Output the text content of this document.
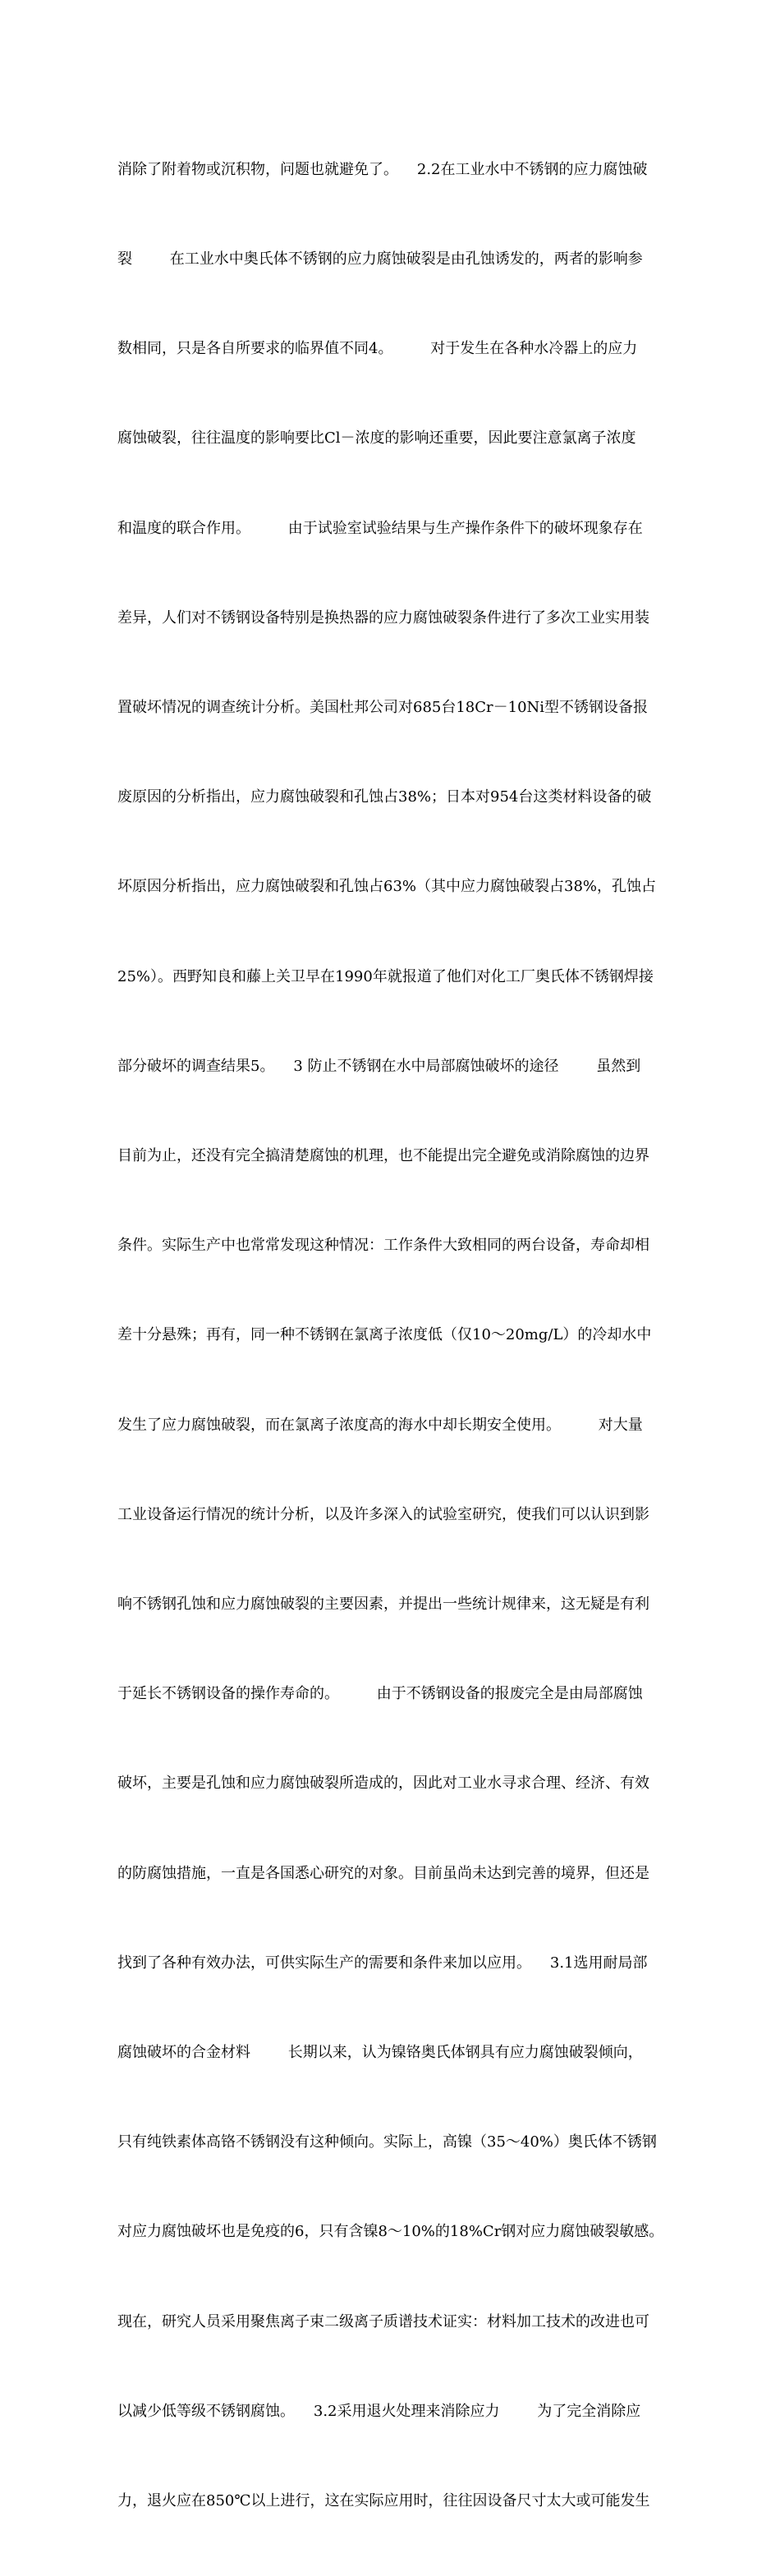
消除了附着物或沉积物，问题也就避免了。    2.2在工业水中不锈钢的应力腐蚀破

裂        在工业水中奥氏体不锈钢的应力腐蚀破裂是由孔蚀诱发的，两者的影响参

数相同，只是各自所要求的临界值不同4。        对于发生在各种水冷器上的应力

腐蚀破裂，往往温度的影响要比Cl－浓度的影响还重要，因此要注意氯离子浓度

和温度的联合作用。        由于试验室试验结果与生产操作条件下的破坏现象存在

差异，人们对不锈钢设备特别是换热器的应力腐蚀破裂条件进行了多次工业实用装

置破坏情况的调查统计分析。美国杜邦公司对685台18Cr－10Ni型不锈钢设备报

废原因的分析指出，应力腐蚀破裂和孔蚀占38%；日本对954台这类材料设备的破

坏原因分析指出，应力腐蚀破裂和孔蚀占63%（其中应力腐蚀破裂占38%，孔蚀占

25%）。西野知良和藤上关卫早在1990年就报道了他们对化工厂奥氏体不锈钢焊接

部分破坏的调查结果5。    3 防止不锈钢在水中局部腐蚀破坏的途径        虽然到

目前为止，还没有完全搞清楚腐蚀的机理，也不能提出完全避免或消除腐蚀的边界

条件。实际生产中也常常发现这种情况：工作条件大致相同的两台设备，寿命却相

差十分悬殊；再有，同一种不锈钢在氯离子浓度低（仅10～20mg/L）的冷却水中

发生了应力腐蚀破裂，而在氯离子浓度高的海水中却长期安全使用。        对大量

工业设备运行情况的统计分析，以及许多深入的试验室研究，使我们可以认识到影

响不锈钢孔蚀和应力腐蚀破裂的主要因素，并提出一些统计规律来，这无疑是有利

于延长不锈钢设备的操作寿命的。        由于不锈钢设备的报废完全是由局部腐蚀

破坏，主要是孔蚀和应力腐蚀破裂所造成的，因此对工业水寻求合理、经济、有效

的防腐蚀措施，一直是各国悉心研究的对象。目前虽尚未达到完善的境界，但还是

找到了各种有效办法，可供实际生产的需要和条件来加以应用。    3.1选用耐局部

腐蚀破坏的合金材料        长期以来，认为镍铬奥氏体钢具有应力腐蚀破裂倾向，

只有纯铁素体高铬不锈钢没有这种倾向。实际上，高镍（35～40%）奥氏体不锈钢

对应力腐蚀破坏也是免疫的6，只有含镍8～10%的18%Cr钢对应力腐蚀破裂敏感。

现在，研究人员采用聚焦离子束二级离子质谱技术证实：材料加工技术的改进也可

以减少低等级不锈钢腐蚀。    3.2采用退火处理来消除应力        为了完全消除应

力，退火应在850℃以上进行，这在实际应用时，往往因设备尺寸太大或可能发生
